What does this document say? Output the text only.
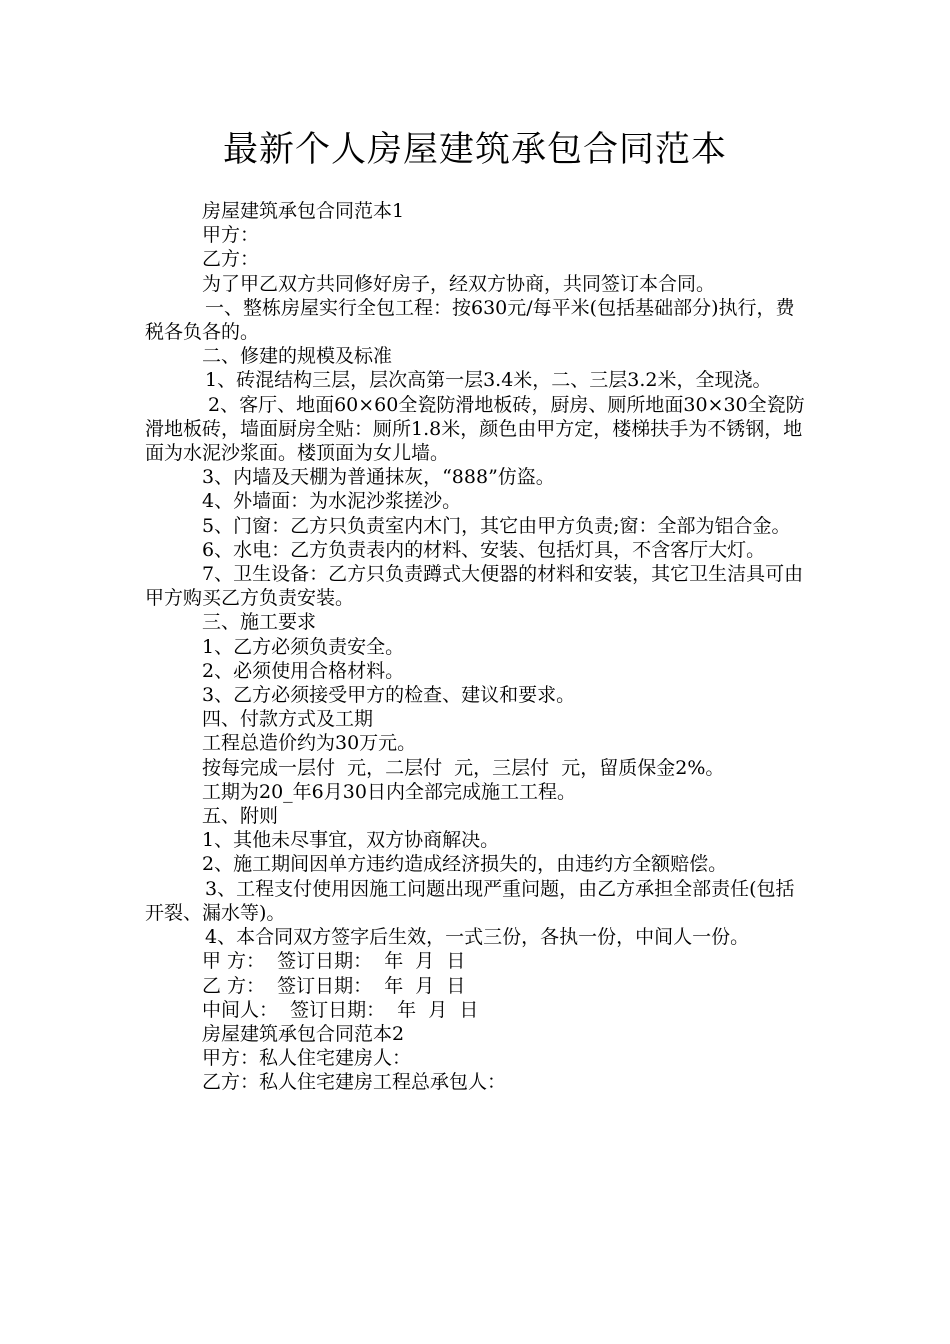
最新个人房屋建筑承包合同范本

房屋建筑承包合同范本1

甲方：

乙方：

为了甲乙双方共同修好房子，经双方协商，共同签订本合同。

一、整栋房屋实行全包工程：按630元/每平米(包括基础部分)执行，费税各负各的。

二、修建的规模及标准

1、砖混结构三层，层次高第一层3.4米，二、三层3.2米，全现浇。

2、客厅、地面60×60全瓷防滑地板砖，厨房、厕所地面30×30全瓷防滑地板砖，墙面厨房全贴：厕所1.8米，颜色由甲方定，楼梯扶手为不锈钢，地面为水泥沙浆面。楼顶面为女儿墙。

3、内墙及天棚为普通抹灰，“888”仿盗。

4、外墙面：为水泥沙浆搓沙。

5、门窗：乙方只负责室内木门，其它由甲方负责;窗：全部为铝合金。

6、水电：乙方负责表内的材料、安装、包括灯具，不含客厅大灯。

7、卫生设备：乙方只负责蹲式大便器的材料和安装，其它卫生洁具可由甲方购买乙方负责安装。

三、施工要求

1、乙方必须负责安全。

2、必须使用合格材料。

3、乙方必须接受甲方的检查、建议和要求。

四、付款方式及工期

工程总造价约为30万元。

按每完成一层付  元，二层付  元，三层付  元，留质保金2%。

工期为20_年6月30日内全部完成施工工程。

五、附则

1、其他未尽事宜，双方协商解决。

2、施工期间因单方违约造成经济损失的，由违约方全额赔偿。

3、工程支付使用因施工问题出现严重问题，由乙方承担全部责任(包括开裂、漏水等)。

4、本合同双方签字后生效，一式三份，各执一份，中间人一份。

甲 方：  签订日期：  年  月  日

乙 方：  签订日期：  年  月  日

中间人：  签订日期：  年  月  日

房屋建筑承包合同范本2

甲方：私人住宅建房人：

乙方：私人住宅建房工程总承包人：
